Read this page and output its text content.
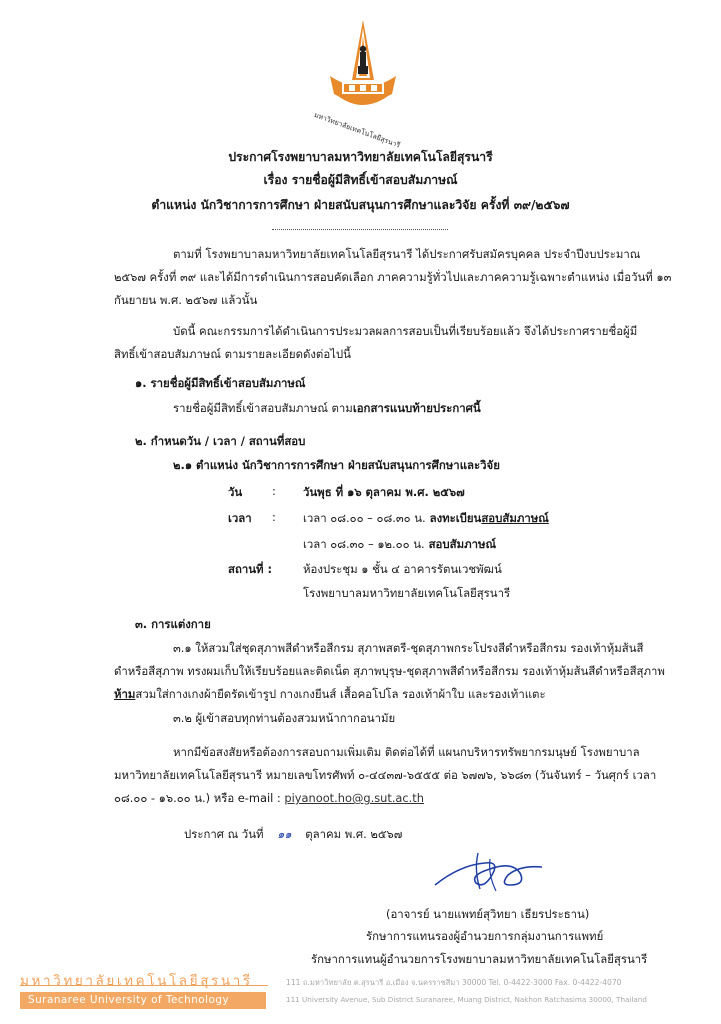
มหาวิทยาลัยเทคโนโลยีสุรนารี
ประกาศโรงพยาบาลมหาวิทยาลัยเทคโนโลยีสุรนารี
เรื่อง รายชื่อผู้มีสิทธิ์เข้าสอบสัมภาษณ์
ตำแหน่ง นักวิชาการการศึกษา ฝ่ายสนับสนุนการศึกษาและวิจัย ครั้งที่ ๓๙/๒๕๖๗
ตามที่ โรงพยาบาลมหาวิทยาลัยเทคโนโลยีสุรนารี ได้ประกาศรับสมัครบุคคล ประจำปีงบประมาณ
๒๕๖๗ ครั้งที่ ๓๙ และได้มีการดำเนินการสอบคัดเลือก ภาคความรู้ทั่วไปและภาคความรู้เฉพาะตำแหน่ง เมื่อวันที่ ๑๓
กันยายน พ.ศ. ๒๕๖๗ แล้วนั้น
บัดนี้ คณะกรรมการได้ดำเนินการประมวลผลการสอบเป็นที่เรียบร้อยแล้ว จึงได้ประกาศรายชื่อผู้มี
สิทธิ์เข้าสอบสัมภาษณ์ ตามรายละเอียดดังต่อไปนี้
๑. รายชื่อผู้มีสิทธิ์เข้าสอบสัมภาษณ์
รายชื่อผู้มีสิทธิ์เข้าสอบสัมภาษณ์ ตามเอกสารแนบท้ายประกาศนี้
๒. กำหนดวัน / เวลา / สถานที่สอบ
๒.๑ ตำแหน่ง นักวิชาการการศึกษา ฝ่ายสนับสนุนการศึกษาและวิจัย
วัน	: วันพุธ ที่ ๑๖ ตุลาคม พ.ศ. ๒๕๖๗
เวลา : เวลา ๐๘.๐๐ – ๐๘.๓๐ น. ลงทะเบียนสอบสัมภาษณ์
เวลา ๐๘.๓๐ – ๑๒.๐๐ น. สอบสัมภาษณ์
สถานที่ :	ห้องประชุม ๑ ชั้น ๔ อาคารรัตนเวชพัฒน์
โรงพยาบาลมหาวิทยาลัยเทคโนโลยีสุรนารี
๓. การแต่งกาย
๓.๑ ให้สวมใส่ชุดสุภาพสีดำหรือสีกรม สุภาพสตรี-ชุดสุภาพกระโปรงสีดำหรือสีกรม รองเท้าหุ้มส้นสี
ดำหรือสีสุภาพ ทรงผมเก็บให้เรียบร้อยและติดเน็ต สุภาพบุรุษ-ชุดสุภาพสีดำหรือสีกรม รองเท้าหุ้มส้นสีดำหรือสีสุภาพ
ห้ามสวมใส่กางเกงผ้ายืดรัดเข้ารูป กางเกงยีนส์ เสื้อคอโปโล รองเท้าผ้าใบ และรองเท้าแตะ
๓.๒ ผู้เข้าสอบทุกท่านต้องสวมหน้ากากอนามัย
หากมีข้อสงสัยหรือต้องการสอบถามเพิ่มเติม ติดต่อได้ที่ แผนกบริหารทรัพยากรมนุษย์ โรงพยาบาล
มหาวิทยาลัยเทคโนโลยีสุรนารี หมายเลขโทรศัพท์ ๐-๔๔๓๗-๖๕๕๕ ต่อ ๖๗๗๖, ๖๖๘๓ (วันจันทร์ – วันศุกร์ เวลา
๐๘.๐๐ - ๑๖.๐๐ น.) หรือ e-mail : piyanoot.ho@g.sut.ac.th
ประกาศ ณ วันที่ ๑๑ ตุลาคม พ.ศ. ๒๕๖๗
(อาจารย์ นายแพทย์สุวิทยา เธียรประธาน)
รักษาการแทนรองผู้อำนวยการกลุ่มงานการแพทย์
รักษาการแทนผู้อำนวยการโรงพยาบาลมหาวิทยาลัยเทคโนโลยีสุรนารี
มหาวิทยาลัยเทคโนโลยีสุรนารี
Suranaree University of Technology
111 ถ.มหาวิทยาลัย ต.สุรนารี อ.เมือง จ.นครราชสีมา 30000 Tel. 0-4422-3000 Fax. 0-4422-4070
111 University Avenue, Sub District Suranaree, Muang District, Nakhon Ratchasima 30000, Thailand
